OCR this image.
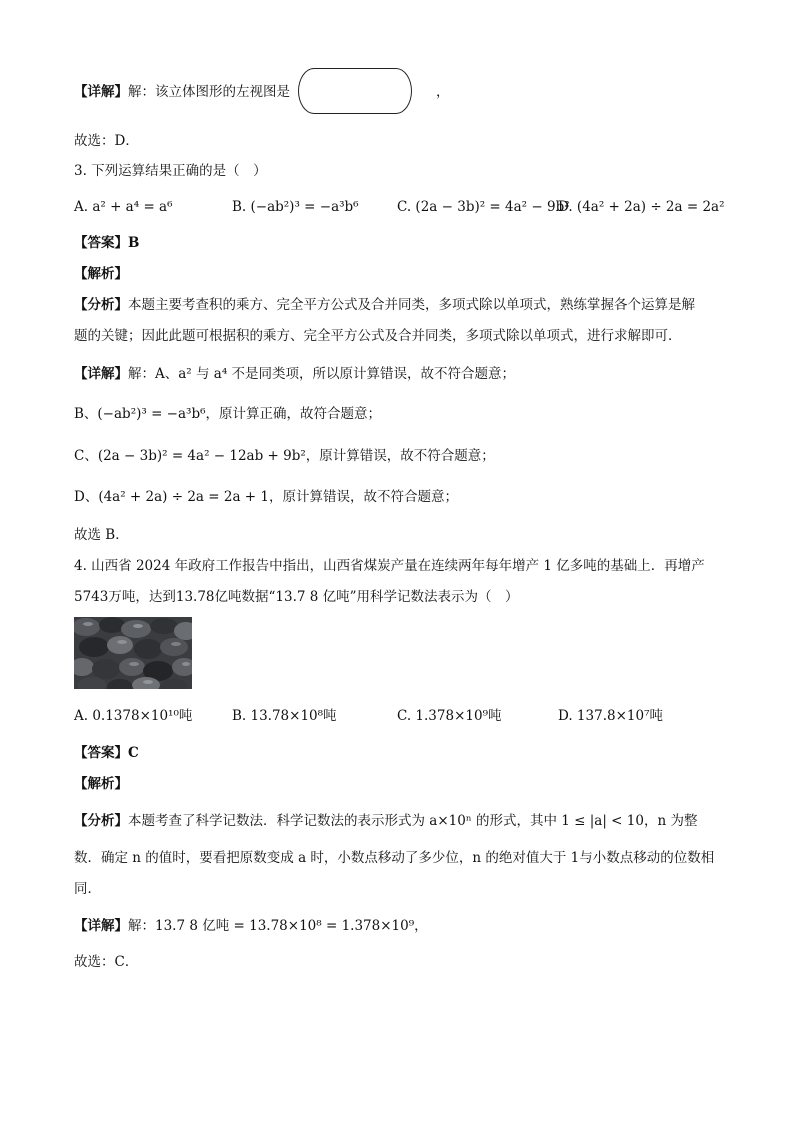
【详解】解：该立体图形的左视图是	，
故选：D．
3. 下列运算结果正确的是（　）
A. a² + a⁴ = a⁶	B. (−ab²)³ = −a³b⁶	C. (2a − 3b)² = 4a² − 9b²
D. (4a² + 2a) ÷ 2a = 2a²
【答案】B
【解析】
【分析】本题主要考查积的乘方、完全平方公式及合并同类，多项式除以单项式，熟练掌握各个运算是解
题的关键；因此此题可根据积的乘方、完全平方公式及合并同类，多项式除以单项式，进行求解即可．
【详解】解：A、a² 与 a⁴ 不是同类项，所以原计算错误，故不符合题意；
B、(−ab²)³ = −a³b⁶，原计算正确，故符合题意；
C、(2a − 3b)² = 4a² − 12ab + 9b²，原计算错误，故不符合题意；
D、(4a² + 2a) ÷ 2a = 2a + 1，原计算错误，故不符合题意；
故选 B．
4. 山西省 2024 年政府工作报告中指出，山西省煤炭产量在连续两年每年增产 1 亿多吨的基础上．再增产
5743万吨，达到13.78亿吨数据“13.7 8 亿吨”用科学记数法表示为（　）
A. 0.1378×10¹⁰吨	B. 13.78×10⁸吨	C. 1.378×10⁹吨	D. 137.8×10⁷吨
【答案】C
【解析】
【分析】本题考查了科学记数法．科学记数法的表示形式为 a×10ⁿ 的形式，其中 1 ≤ |a| < 10，n 为整
数．确定 n 的值时，要看把原数变成 a 时，小数点移动了多少位，n 的绝对值大于 1与小数点移动的位数相
同．
【详解】解：13.7 8 亿吨 = 13.78×10⁸ = 1.378×10⁹，
故选：C．
